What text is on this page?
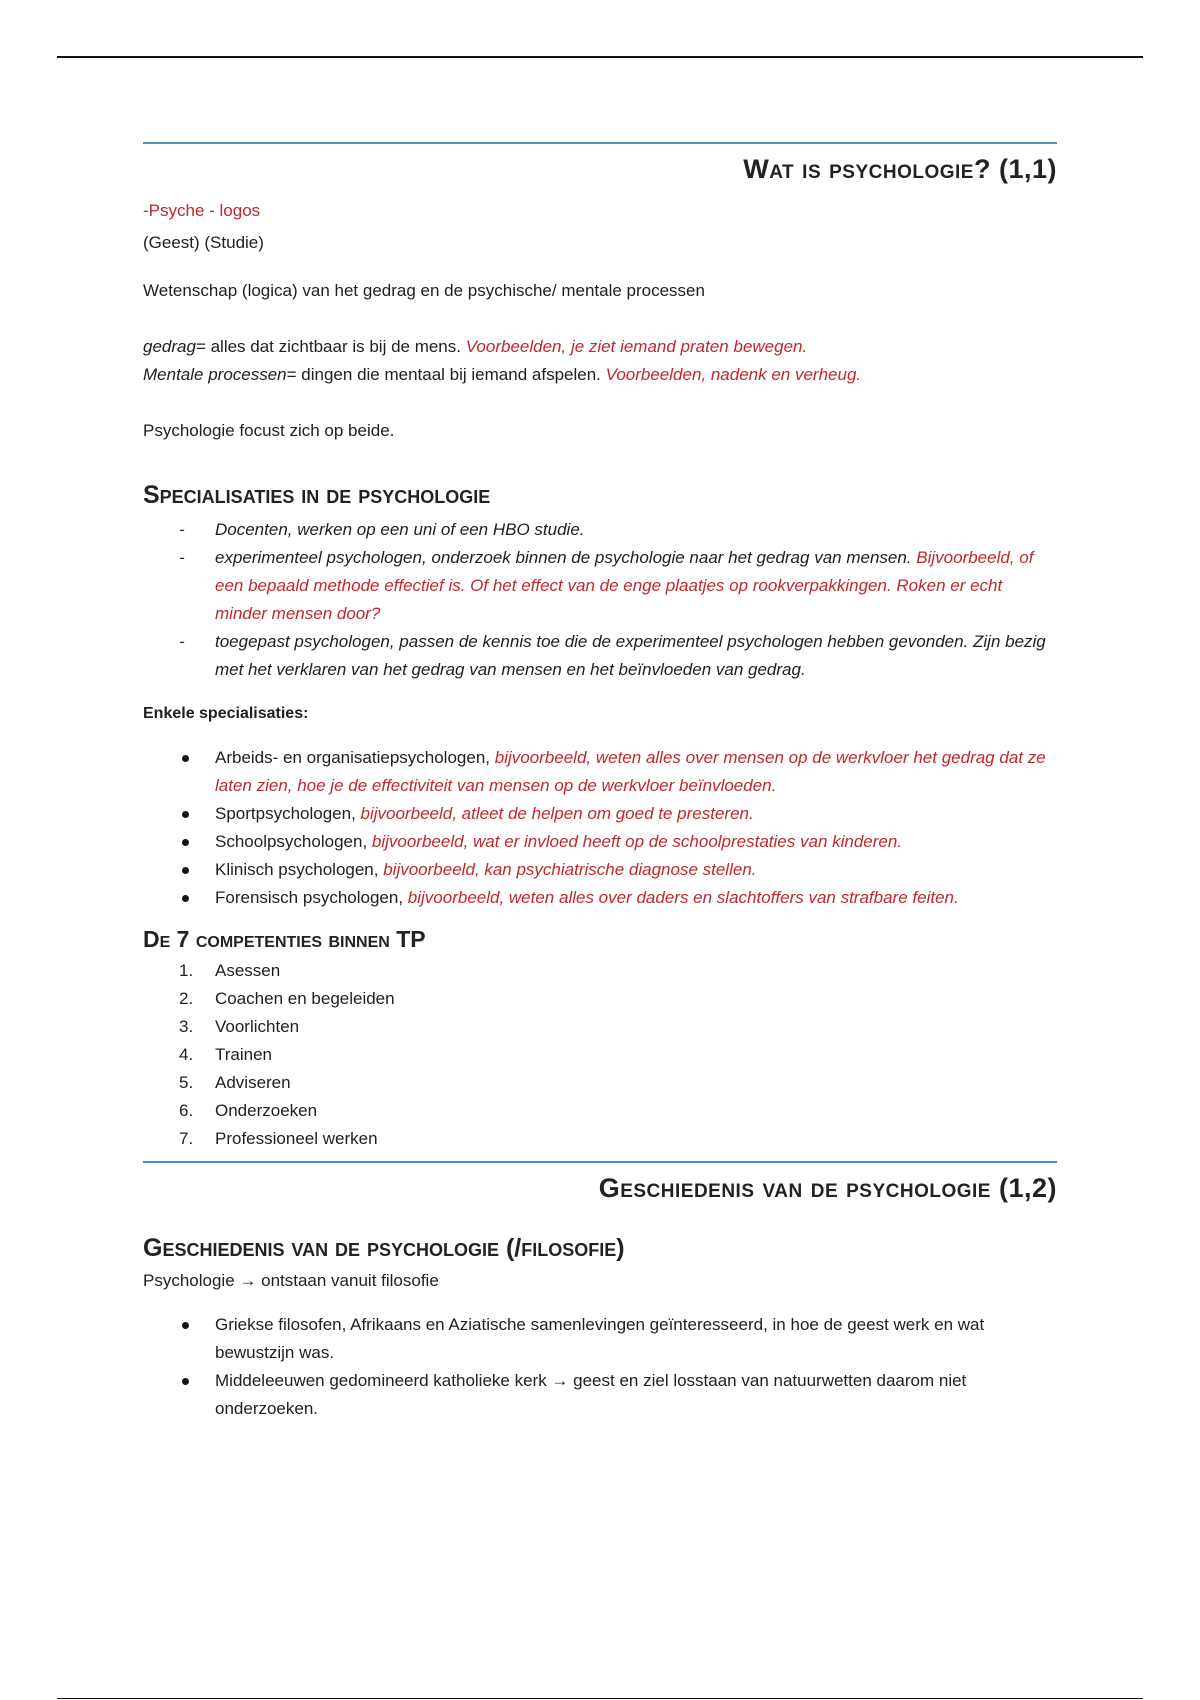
Wat is psychologie? (1,1)

-Psyche - logos

(Geest) (Studie)

Wetenschap (logica) van het gedrag en de psychische/ mentale processen

gedrag= alles dat zichtbaar is bij de mens. Voorbeelden, je ziet iemand praten bewegen.

Mentale processen= dingen die mentaal bij iemand afspelen. Voorbeelden, nadenk en verheug.

Psychologie focust zich op beide.

Specialisaties in de psychologie
- Docenten, werken op een uni of een HBO studie.
- experimenteel psychologen, onderzoek binnen de psychologie naar het gedrag van mensen. Bijvoorbeeld, of een bepaald methode effectief is. Of het effect van de enge plaatjes op rookverpakkingen. Roken er echt minder mensen door?
- toegepast psychologen, passen de kennis toe die de experimenteel psychologen hebben gevonden. Zijn bezig met het verklaren van het gedrag van mensen en het beïnvloeden van gedrag.

Enkele specialisaties:

Arbeids- en organisatiepsychologen, bijvoorbeeld, weten alles over mensen op de werkvloer het gedrag dat ze laten zien, hoe je de effectiviteit van mensen op de werkvloer beïnvloeden.
Sportpsychologen, bijvoorbeeld, atleet de helpen om goed te presteren.
Schoolpsychologen, bijvoorbeeld, wat er invloed heeft op de schoolprestaties van kinderen.
Klinisch psychologen, bijvoorbeeld, kan psychiatrische diagnose stellen.
Forensisch psychologen, bijvoorbeeld, weten alles over daders en slachtoffers van strafbare feiten.
De 7 competenties binnen TP
1. Asessen
2. Coachen en begeleiden
3. Voorlichten
4. Trainen
5. Adviseren
6. Onderzoeken
7. Professioneel werken
Geschiedenis van de psychologie (1,2)
Geschiedenis van de psychologie (/filosofie)

Psychologie → ontstaan vanuit filosofie

Griekse filosofen, Afrikaans en Aziatische samenlevingen geïnteresseerd, in hoe de geest werk en wat bewustzijn was.
Middeleeuwen gedomineerd katholieke kerk → geest en ziel losstaan van natuurwetten daarom niet onderzoeken.
